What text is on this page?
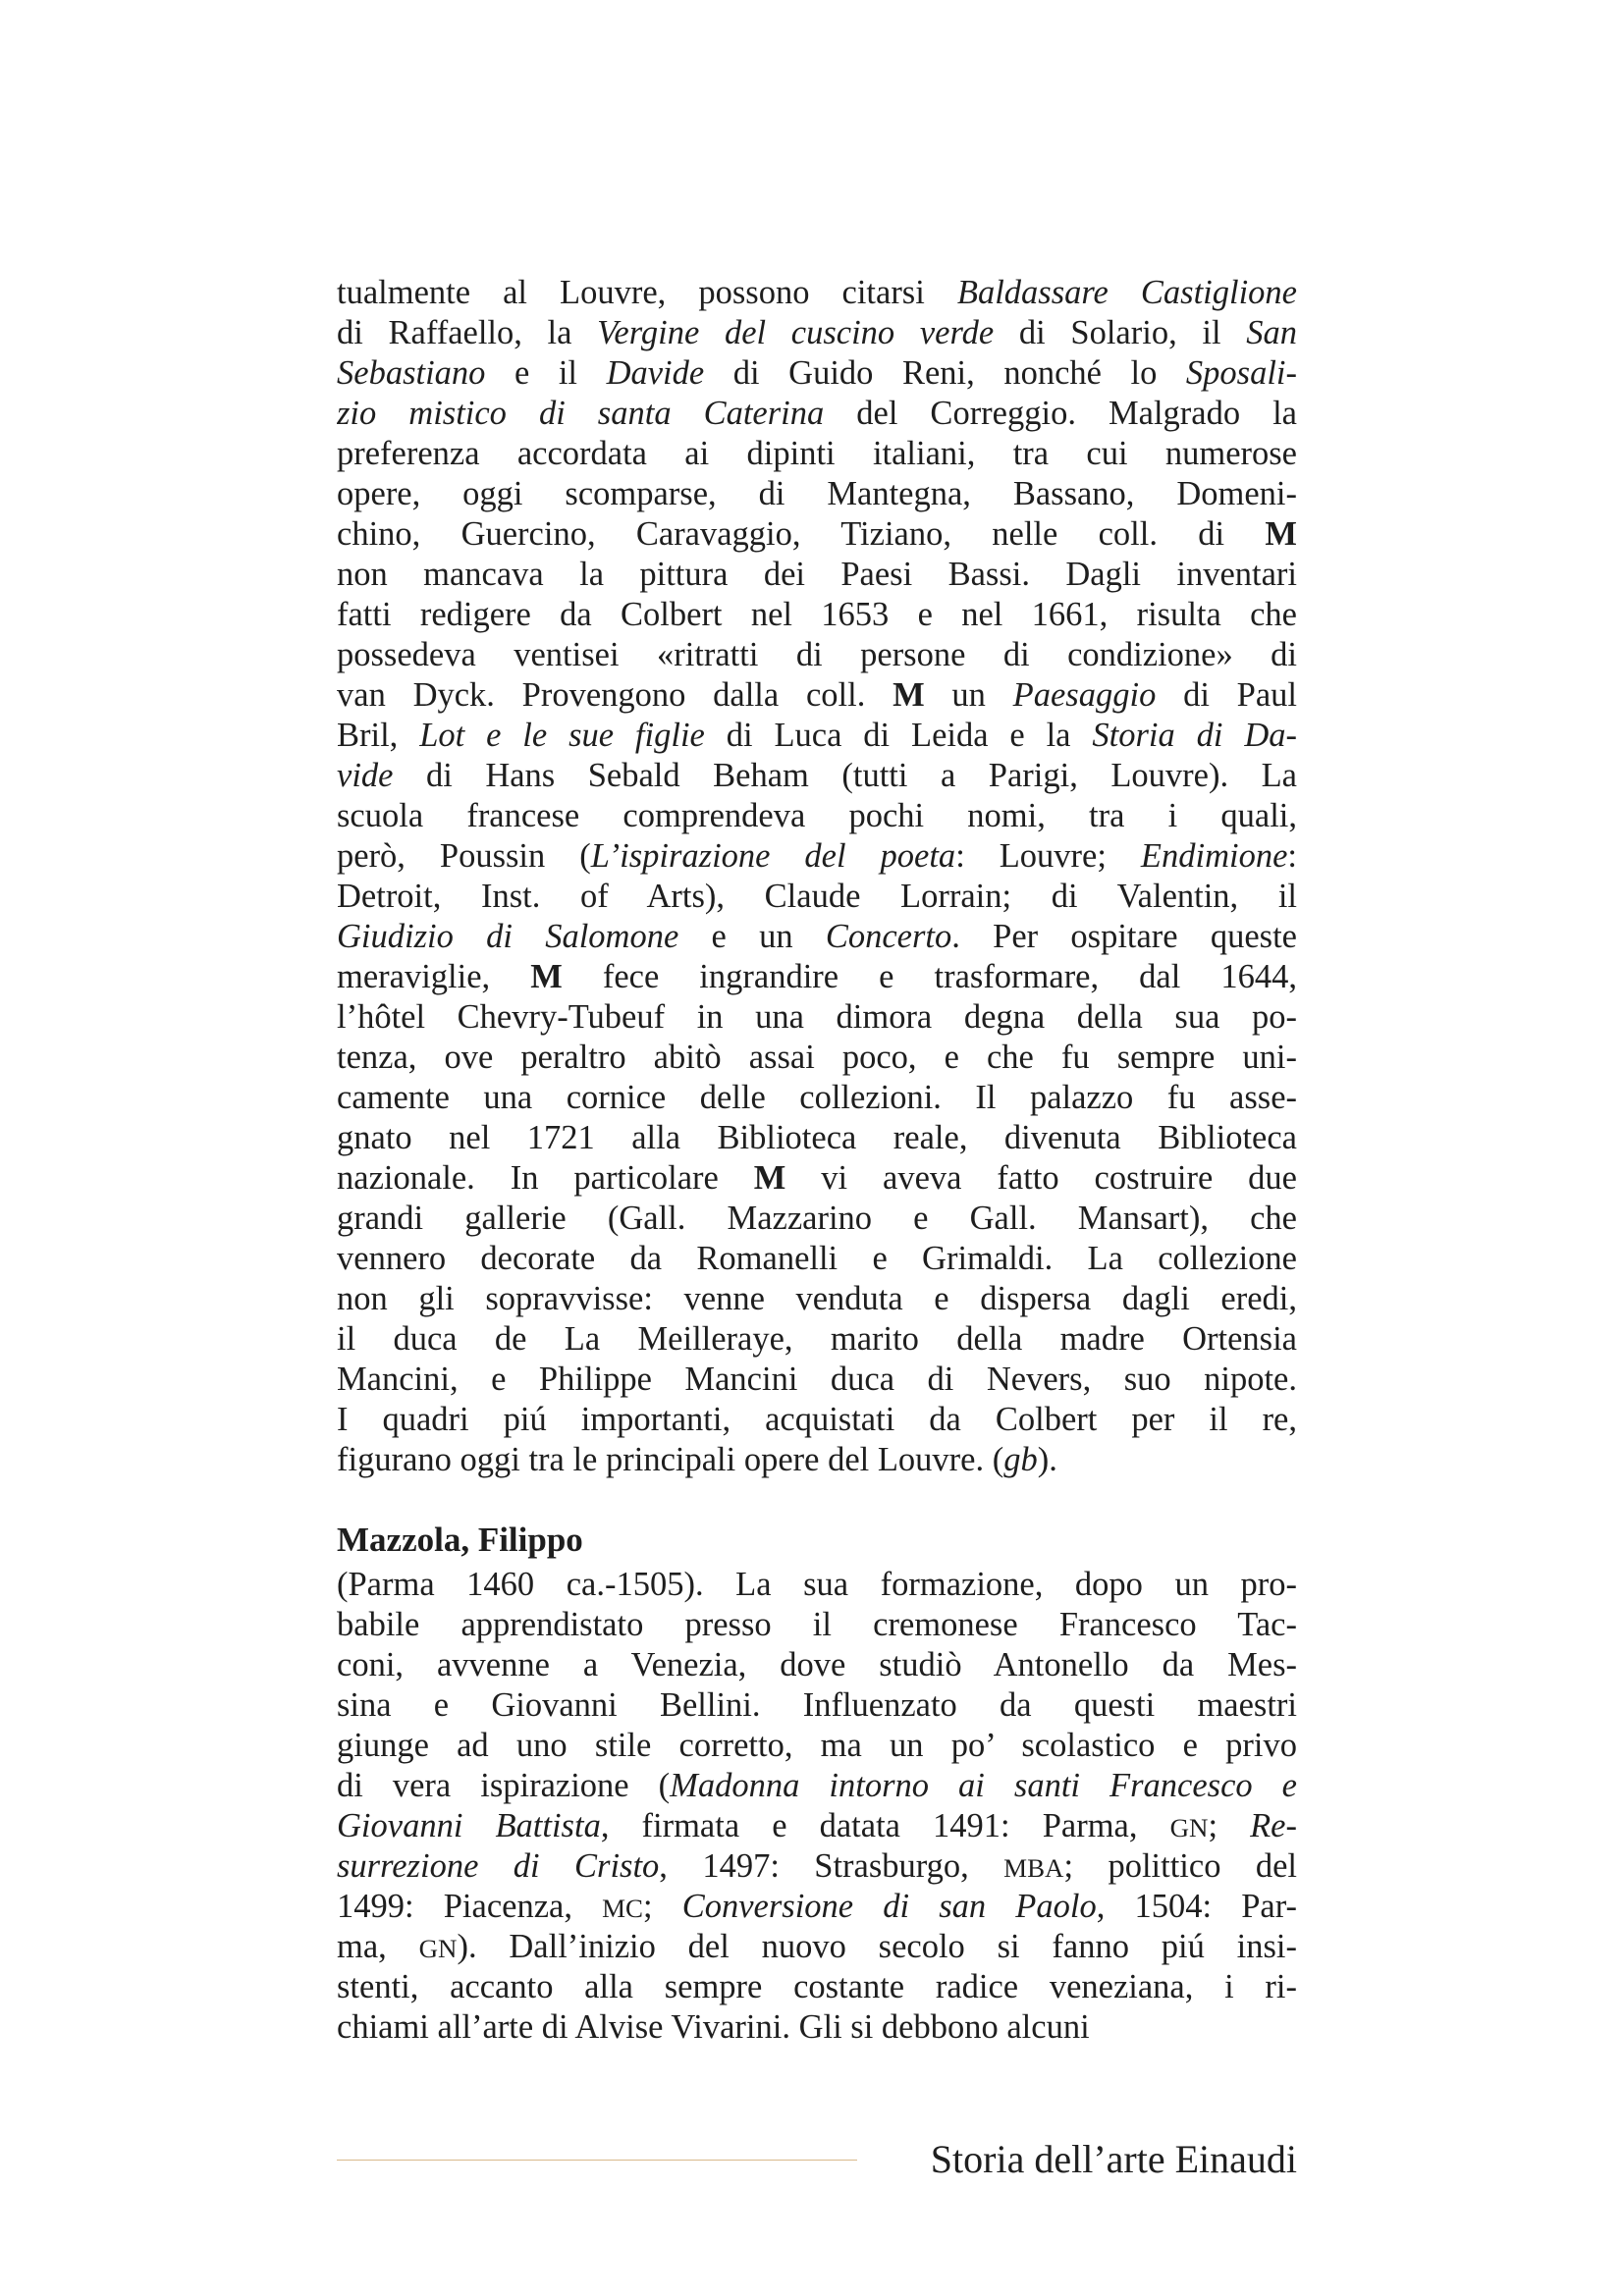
tualmente al Louvre, possono citarsi Baldassare Castiglione
di Raffaello, la Vergine del cuscino verde di Solario, il San
Sebastiano e il Davide di Guido Reni, nonché lo Sposali-
zio mistico di santa Caterina del Correggio. Malgrado la
preferenza accordata ai dipinti italiani, tra cui numerose
opere, oggi scomparse, di Mantegna, Bassano, Domeni-
chino, Guercino, Caravaggio, Tiziano, nelle coll. di M
non mancava la pittura dei Paesi Bassi. Dagli inventari
fatti redigere da Colbert nel 1653 e nel 1661, risulta che
possedeva ventisei «ritratti di persone di condizione» di
van Dyck. Provengono dalla coll. M un Paesaggio di Paul
Bril, Lot e le sue figlie di Luca di Leida e la Storia di Da-
vide di Hans Sebald Beham (tutti a Parigi, Louvre). La
scuola francese comprendeva pochi nomi, tra i quali,
però, Poussin (L’ispirazione del poeta: Louvre; Endimione:
Detroit, Inst. of Arts), Claude Lorrain; di Valentin, il
Giudizio di Salomone e un Concerto. Per ospitare queste
meraviglie, M fece ingrandire e trasformare, dal 1644,
l’hôtel Chevry-Tubeuf in una dimora degna della sua po-
tenza, ove peraltro abitò assai poco, e che fu sempre uni-
camente una cornice delle collezioni. Il palazzo fu asse-
gnato nel 1721 alla Biblioteca reale, divenuta Biblioteca
nazionale. In particolare M vi aveva fatto costruire due
grandi gallerie (Gall. Mazzarino e Gall. Mansart), che
vennero decorate da Romanelli e Grimaldi. La collezione
non gli sopravvisse: venne venduta e dispersa dagli eredi,
il duca de La Meilleraye, marito della madre Ortensia
Mancini, e Philippe Mancini duca di Nevers, suo nipote.
I quadri piú importanti, acquistati da Colbert per il re,
figurano oggi tra le principali opere del Louvre. (gb).
Mazzola, Filippo
(Parma 1460 ca.-1505). La sua formazione, dopo un pro-
babile apprendistato presso il cremonese Francesco Tac-
coni, avvenne a Venezia, dove studiò Antonello da Mes-
sina e Giovanni Bellini. Influenzato da questi maestri
giunge ad uno stile corretto, ma un po’ scolastico e privo
di vera ispirazione (Madonna intorno ai santi Francesco e
Giovanni Battista, firmata e datata 1491: Parma, GN; Re-
surrezione di Cristo, 1497: Strasburgo, MBA; polittico del
1499: Piacenza, MC; Conversione di san Paolo, 1504: Par-
ma, GN). Dall’inizio del nuovo secolo si fanno piú insi-
stenti, accanto alla sempre costante radice veneziana, i ri-
chiami all’arte di Alvise Vivarini. Gli si debbono alcuni
Storia dell’arte Einaudi
